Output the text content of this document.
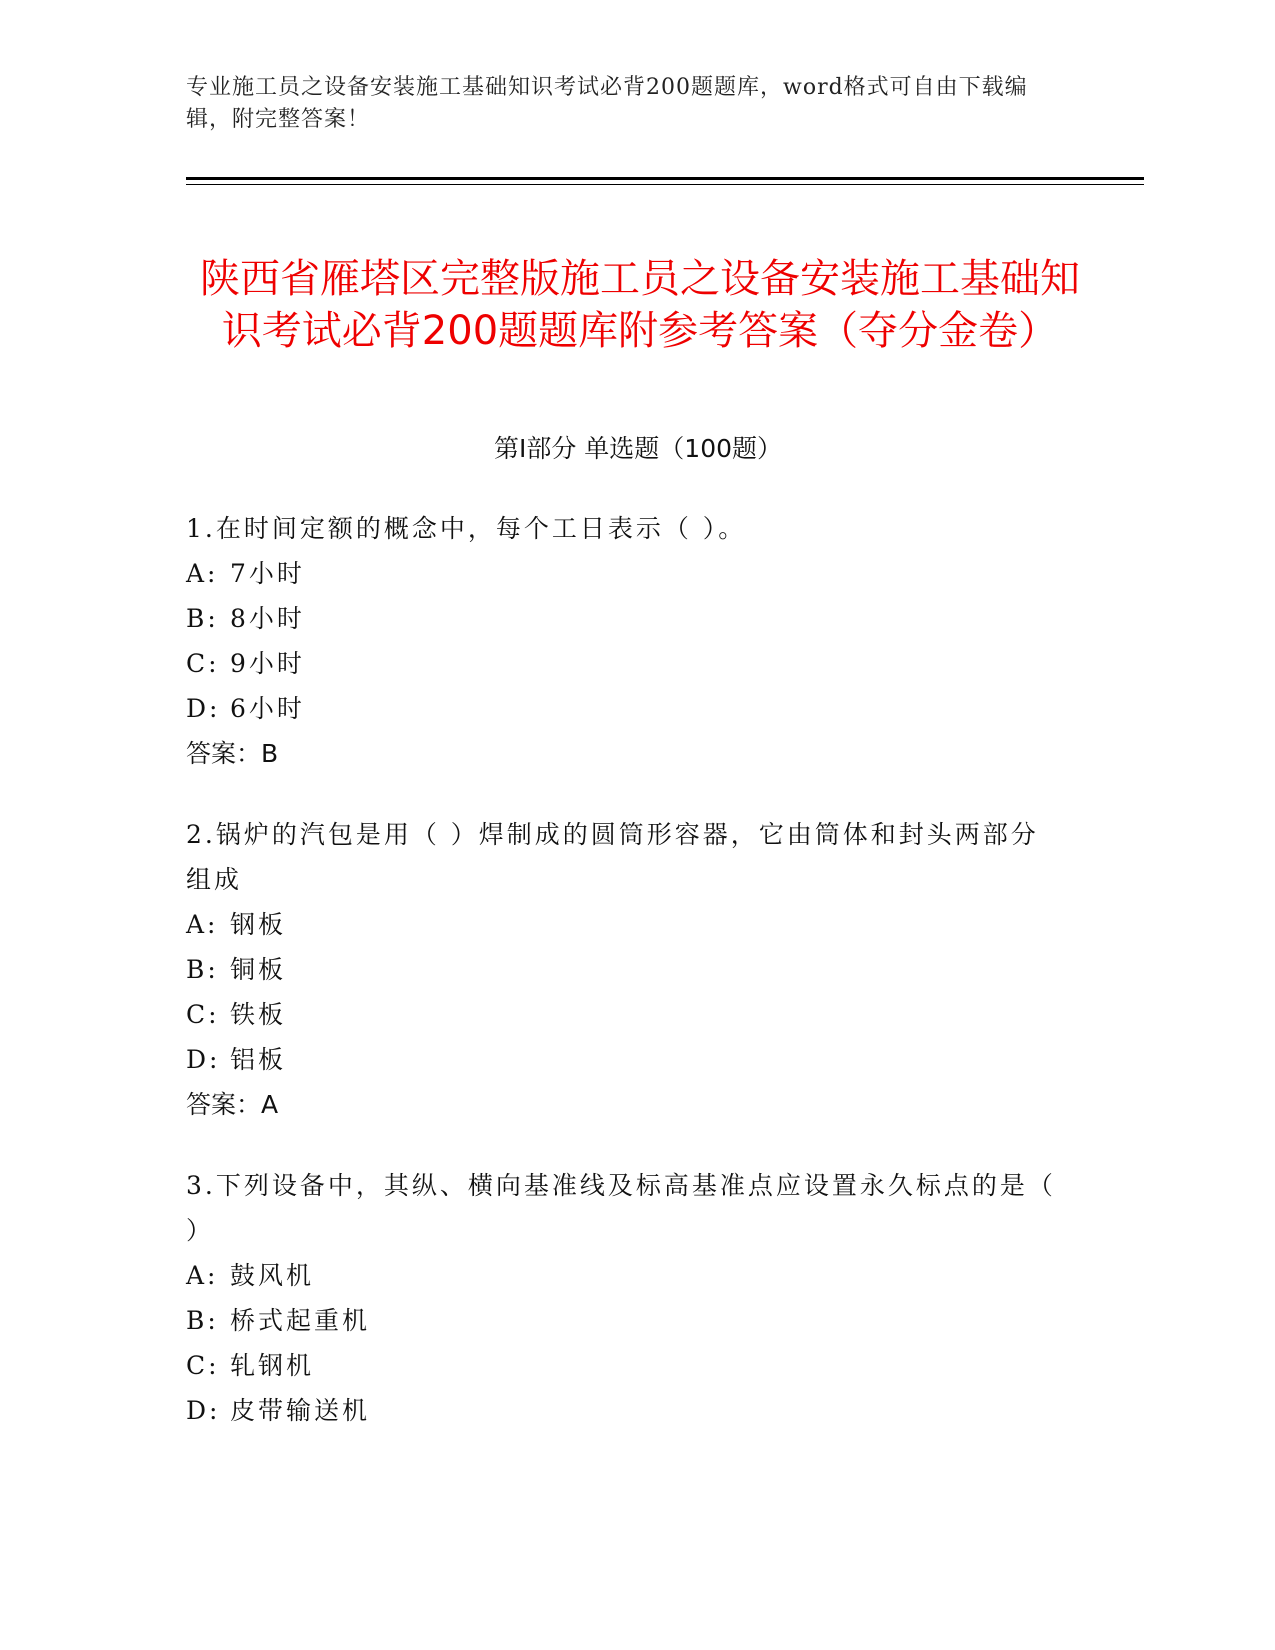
专业施工员之设备安装施工基础知识考试必背200题题库，word格式可自由下载编辑，附完整答案！
陕西省雁塔区完整版施工员之设备安装施工基础知识考试必背200题题库附参考答案（夺分金卷）
第Ⅰ部分 单选题（100题）

1.在时间定额的概念中，每个工日表示（ ）。

A: 7小时

B: 8小时

C: 9小时

D: 6小时

答案：B

2.锅炉的汽包是用（ ）焊制成的圆筒形容器，它由筒体和封头两部分组成

A: 钢板

B: 铜板

C: 铁板

D: 铝板

答案：A

3.下列设备中，其纵、横向基准线及标高基准点应设置永久标点的是（ ）

A: 鼓风机

B: 桥式起重机

C: 轧钢机

D: 皮带输送机
